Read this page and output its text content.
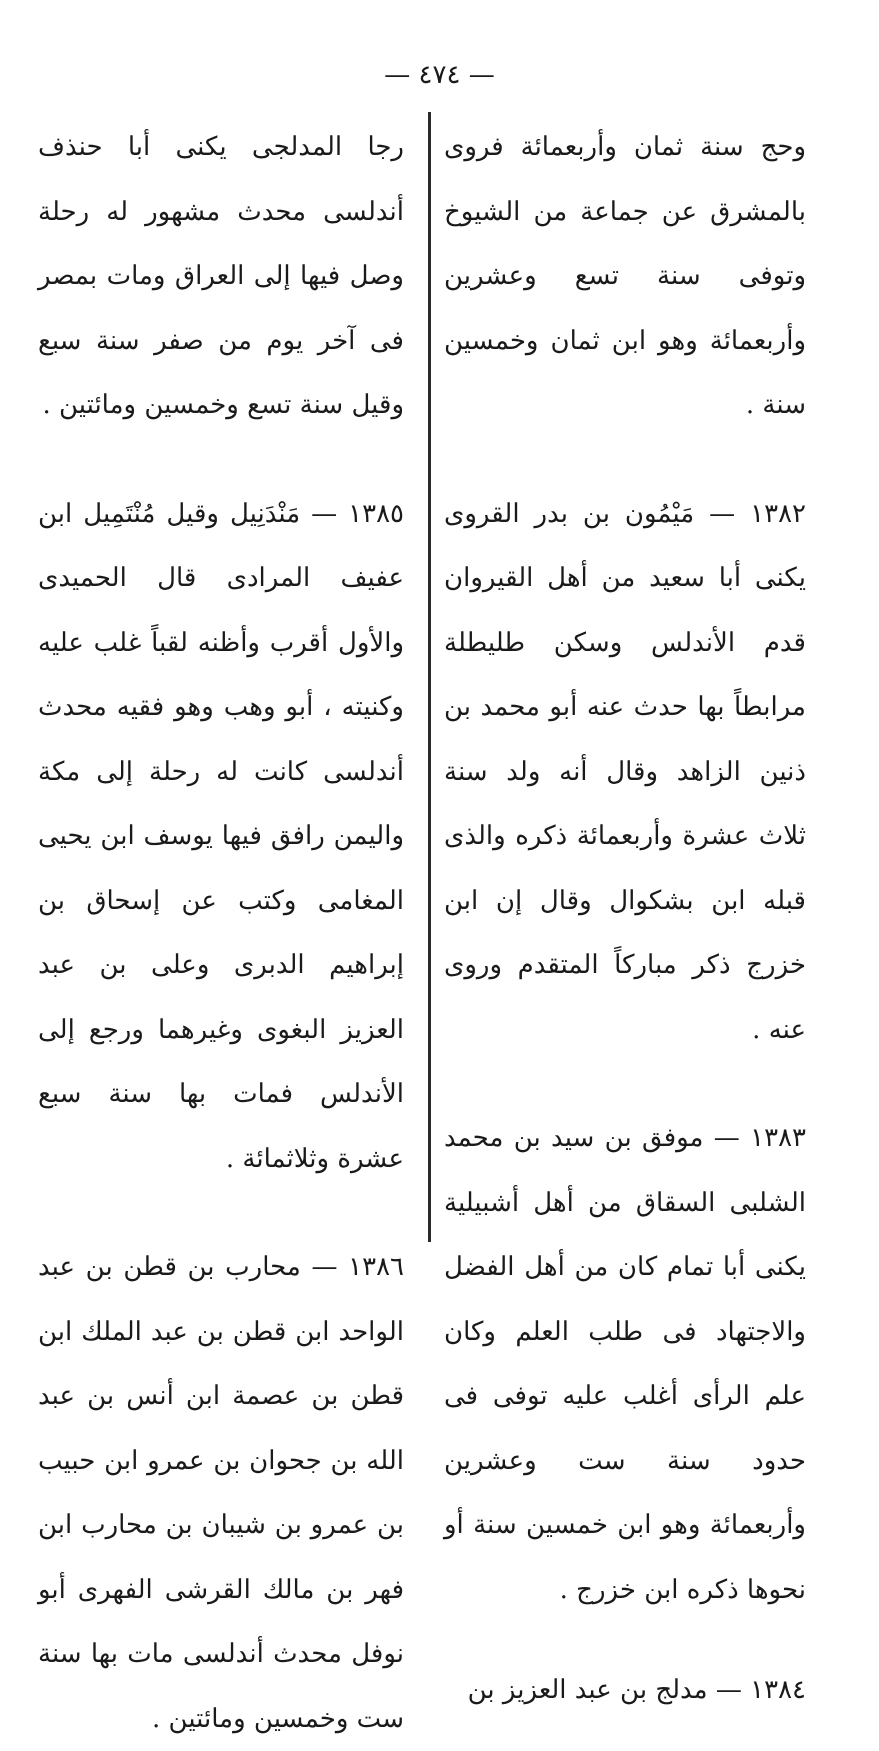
— ٤٧٤ —

وحج سنة ثمان وأربعمائة فروى بالمشرق عن جماعة من الشيوخ وتوفى سنة تسع وعشرين وأربعمائة وهو ابن ثمان وخمسين سنة .

١٣٨٢ — مَيْمُون بن بدر القروى يكنى أبا سعيد من أهل القيروان قدم الأندلس وسكن طليطلة مرابطاً بها حدث عنه أبو محمد بن ذنين الزاهد وقال أنه ولد سنة ثلاث عشرة وأربعمائة ذكره والذى قبله ابن بشكوال وقال إن ابن خزرج ذكر مباركاً المتقدم وروى عنه .

١٣٨٣ — موفق بن سيد بن محمد الشلبى السقاق من أهل أشبيلية يكنى أبا تمام كان من أهل الفضل والاجتهاد فى طلب العلم وكان علم الرأى أغلب عليه توفى فى حدود سنة ست وعشرين وأربعمائة وهو ابن خمسين سنة أو نحوها ذكره ابن خزرج .

١٣٨٤ — مدلج بن عبد العزيز بن

رجا المدلجى يكنى أبا حنذف أندلسى محدث مشهور له رحلة وصل فيها إلى العراق ومات بمصر فى آخر يوم من صفر سنة سبع وقيل سنة تسع وخمسين ومائتين .

١٣٨٥ — مَنْدَنِيل وقيل مُنْتَمِيل ابن عفيف المرادى قال الحميدى والأول أقرب وأظنه لقباً غلب عليه وكنيته ، أبو وهب وهو فقيه محدث أندلسى كانت له رحلة إلى مكة واليمن رافق فيها يوسف ابن يحيى المغامى وكتب عن إسحاق بن إبراهيم الدبرى وعلى بن عبد العزيز البغوى وغيرهما ورجع إلى الأندلس فمات بها سنة سبع عشرة وثلاثمائة .

١٣٨٦ — محارب بن قطن بن عبد الواحد ابن قطن بن عبد الملك ابن قطن بن عصمة ابن أنس بن عبد الله بن جحوان بن عمرو ابن حبيب بن عمرو بن شيبان بن محارب ابن فهر بن مالك القرشى الفهرى أبو نوفل محدث أندلسى مات بها سنة ست وخمسين ومائتين .
